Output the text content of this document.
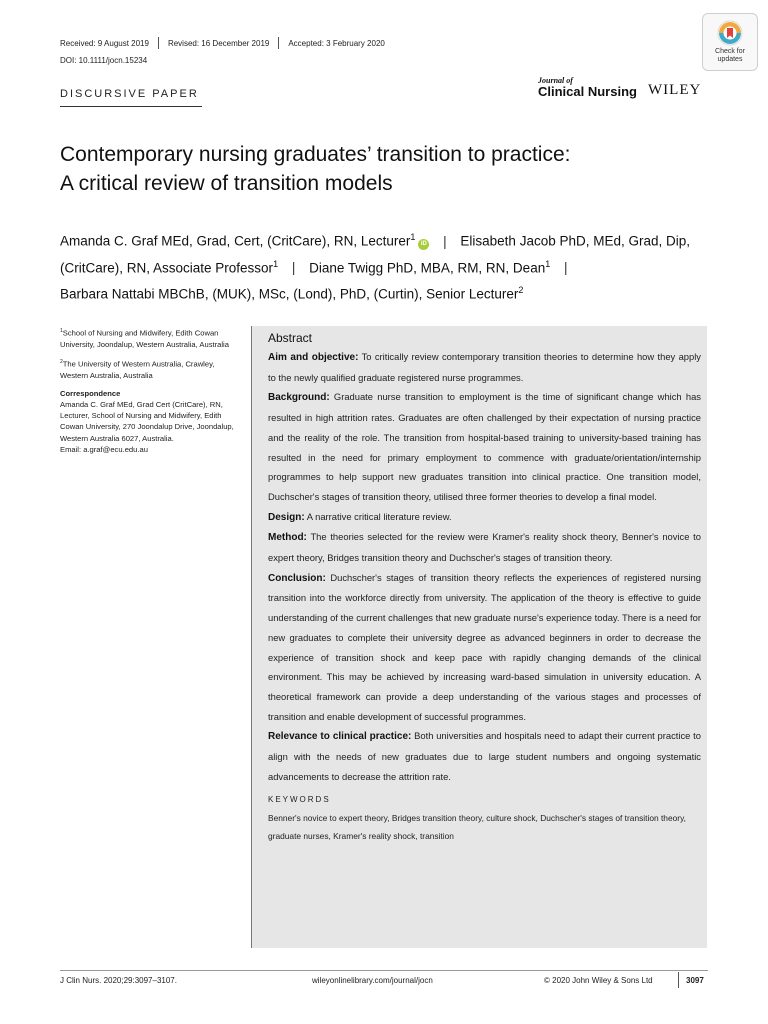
Received: 9 August 2019 Revised: 16 December 2019 Accepted: 3 February 2020
DOI: 10.1111/jocn.15234
DISCURSIVE PAPER
Check for
updates
Journal of
Clinical Nursing WILEY
Contemporary nursing graduates’ transition to practice:
A critical review of transition models
Amanda C. Graf MEd, Grad, Cert, (CritCare), RN, Lecturer$^1$iD | Elisabeth Jacob PhD, MEd, Grad, Dip, (CritCare), RN, Associate Professor$^1$ | Diane Twigg PhD, MBA, RM, RN, Dean$^1$ |
Barbara Nattabi MBChB, (MUK), MSc, (Lond), PhD, (Curtin), Senior Lecturer$^2$

$^1$School of Nursing and Midwifery, Edith Cowan University, Joondalup, Western Australia, Australia

$^2$The University of Western Australia, Crawley, Western Australia, Australia

Correspondence

Amanda C. Graf MEd, Grad Cert (CritCare), RN, Lecturer, School of Nursing and Midwifery, Edith Cowan University, 270 Joondalup Drive, Joondalup, Western Australia 6027, Australia.

Email: a.graf@ecu.edu.au

Abstract

Aim and objective: To critically review contemporary transition theories to determine how they apply to the newly qualified graduate registered nurse programmes.

Background: Graduate nurse transition to employment is the time of significant change which has resulted in high attrition rates. Graduates are often challenged by their expectation of nursing practice and the reality of the role. The transition from hospital-based training to university-based training has resulted in the need for primary employment to commence with graduate/orientation/internship programmes to help support new graduates transition into clinical practice. One transition model, Duchscher's stages of transition theory, utilised three former theories to develop a final model.

Design: A narrative critical literature review.

Method: The theories selected for the review were Kramer's reality shock theory, Benner's novice to expert theory, Bridges transition theory and Duchscher's stages of transition theory.

Conclusion: Duchscher's stages of transition theory reflects the experiences of registered nursing transition into the workforce directly from university. The application of the theory is effective to guide understanding of the current challenges that new graduate nurse's experience today. There is a need for new graduates to complete their university degree as advanced beginners in order to decrease the experience of transition shock and keep pace with rapidly changing demands of the clinical environment. This may be achieved by increasing ward-based simulation in university education. A theoretical framework can provide a deep understanding of the various stages and processes of transition and enable development of successful programmes.

Relevance to clinical practice: Both universities and hospitals need to adapt their current practice to align with the needs of new graduates due to large student numbers and ongoing systematic advancements to decrease the attrition rate.

KEYWORDS

Benner's novice to expert theory, Bridges transition theory, culture shock, Duchscher's stages of transition theory, graduate nurses, Kramer's reality shock, transition

J Clin Nurs. 2020;29:3097–3107.	wileyonlinelibrary.com/journal/jocn	© 2020 John Wiley & Sons Ltd	3097
